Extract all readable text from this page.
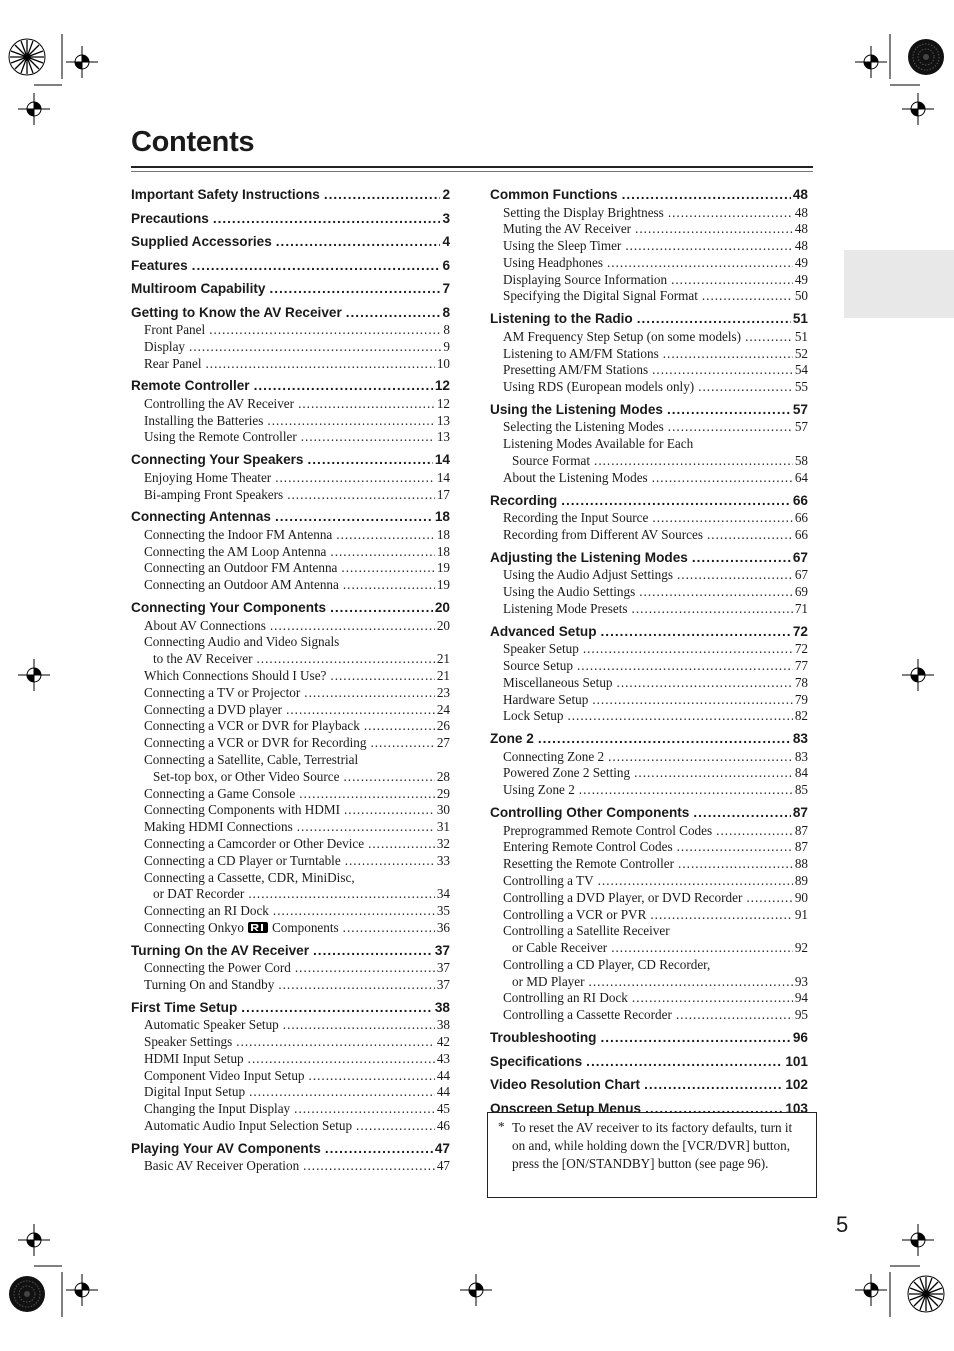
Contents
Important Safety Instructions .....	2
Precautions .....	3
Supplied Accessories .....	4
Features .....	6
Multiroom Capability .....	7
Getting to Know the AV Receiver .....	8
Front Panel .....	8
Display .....	9
Rear Panel .....	10
Remote Controller .....	12
Controlling the AV Receiver .....	12
Installing the Batteries .....	13
Using the Remote Controller .....	13
Connecting Your Speakers .....	14
Enjoying Home Theater .....	14
Bi-amping Front Speakers .....	17
Connecting Antennas .....	18
Connecting the Indoor FM Antenna .....	18
Connecting the AM Loop Antenna .....	18
Connecting an Outdoor FM Antenna .....	19
Connecting an Outdoor AM Antenna .....	19
Connecting Your Components .....	20
About AV Connections .....	20
Connecting Audio and Video Signals
to the AV Receiver .....	21
Which Connections Should I Use? .....	21
Connecting a TV or Projector .....	23
Connecting a DVD player .....	24
Connecting a VCR or DVR for Playback .....	26
Connecting a VCR or DVR for Recording .....	27
Connecting a Satellite, Cable, Terrestrial
Set-top box, or Other Video Source .....	28
Connecting a Game Console .....	29
Connecting Components with HDMI .....	30
Making HDMI Connections .....	31
Connecting a Camcorder or Other Device .....	32
Connecting a CD Player or Turntable .....	33
Connecting a Cassette, CDR, MiniDisc,
or DAT Recorder .....	34
Connecting an RI Dock .....	35
Connecting Onkyo Components .....	36
Turning On the AV Receiver .....	37
Connecting the Power Cord .....	37
Turning On and Standby .....	37
First Time Setup .....	38
Automatic Speaker Setup .....	38
Speaker Settings .....	42
HDMI Input Setup .....	43
Component Video Input Setup .....	44
Digital Input Setup .....	44
Changing the Input Display .....	45
Automatic Audio Input Selection Setup .....	46
Playing Your AV Components .....	47
Basic AV Receiver Operation .....	47
Common Functions .....	48
Setting the Display Brightness .....	48
Muting the AV Receiver .....	48
Using the Sleep Timer .....	48
Using Headphones .....	49
Displaying Source Information .....	49
Specifying the Digital Signal Format .....	50
Listening to the Radio .....	51
AM Frequency Step Setup (on some models) .....	51
Listening to AM/FM Stations .....	52
Presetting AM/FM Stations .....	54
Using RDS (European models only) .....	55
Using the Listening Modes .....	57
Selecting the Listening Modes .....	57
Listening Modes Available for Each
Source Format .....	58
About the Listening Modes .....	64
Recording .....	66
Recording the Input Source .....	66
Recording from Different AV Sources .....	66
Adjusting the Listening Modes .....	67
Using the Audio Adjust Settings .....	67
Using the Audio Settings .....	69
Listening Mode Presets .....	71
Advanced Setup .....	72
Speaker Setup .....	72
Source Setup .....	77
Miscellaneous Setup .....	78
Hardware Setup .....	79
Lock Setup .....	82
Zone 2 .....	83
Connecting Zone 2 .....	83
Powered Zone 2 Setting .....	84
Using Zone 2 .....	85
Controlling Other Components .....	87
Preprogrammed Remote Control Codes .....	87
Entering Remote Control Codes .....	87
Resetting the Remote Controller .....	88
Controlling a TV .....	89
Controlling a DVD Player, or DVD Recorder .....	90
Controlling a VCR or PVR .....	91
Controlling a Satellite Receiver
or Cable Receiver .....	92
Controlling a CD Player, CD Recorder,
or MD Player .....	93
Controlling an RI Dock .....	94
Controlling a Cassette Recorder .....	95
Troubleshooting .....	96
Specifications .....	101
Video Resolution Chart .....	102
Onscreen Setup Menus .....	103
* To reset the AV receiver to its factory defaults, turn it on and, while holding down the [VCR/DVR] button, press the [ON/STANDBY] button (see page 96).

5
